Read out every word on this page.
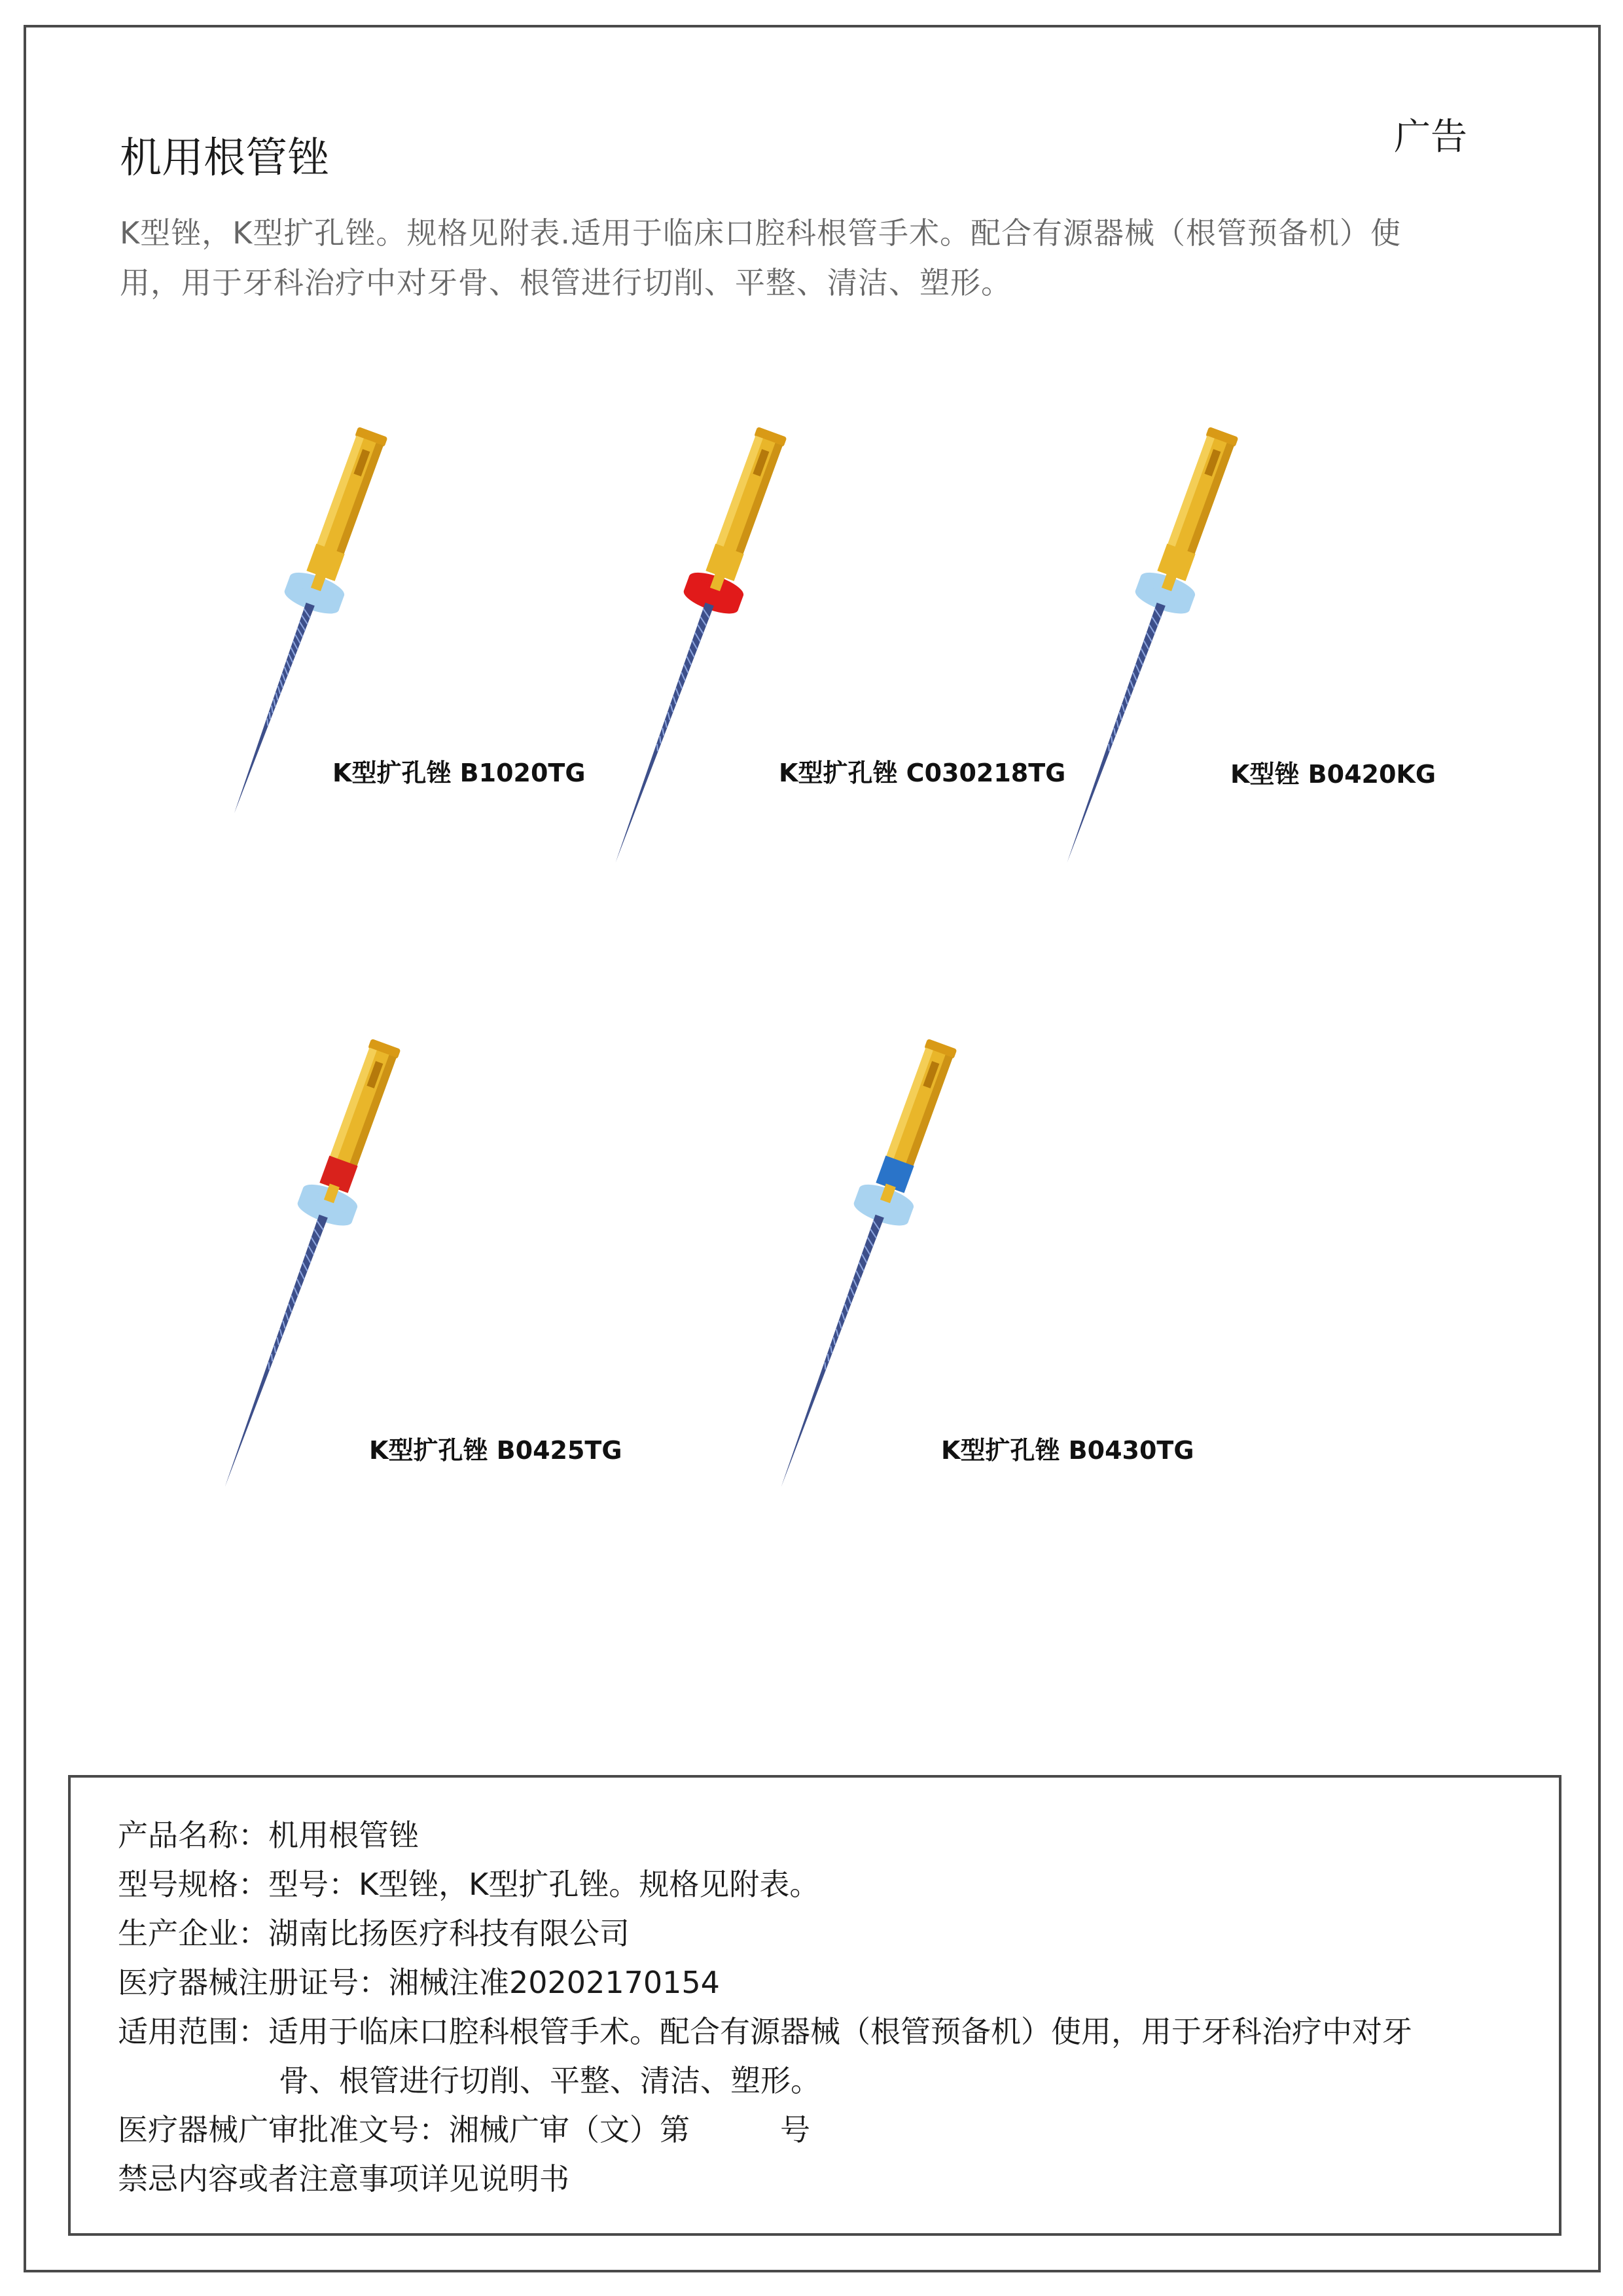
机用根管锉	广告

K型锉，K型扩孔锉。规格见附表.适用于临床口腔科根管手术。配合有源器械（根管预备机）使

用，用于牙科治疗中对牙骨、根管进行切削、平整、清洁、塑形。

K型扩孔锉 B1020TG	K型扩孔锉 C030218TG	K型锉 B0420KG
K型扩孔锉 B0425TG	K型扩孔锉 B0430TG
产品名称：机用根管锉
型号规格：型号：K型锉，K型扩孔锉。规格见附表。
生产企业：湖南比扬医疗科技有限公司
医疗器械注册证号：湘械注准20202170154
适用范围：适用于临床口腔科根管手术。配合有源器械（根管预备机）使用，用于牙科治疗中对牙
骨、根管进行切削、平整、清洁、塑形。
医疗器械广审批准文号：湘械广审（文）第　　　号
禁忌内容或者注意事项详见说明书
